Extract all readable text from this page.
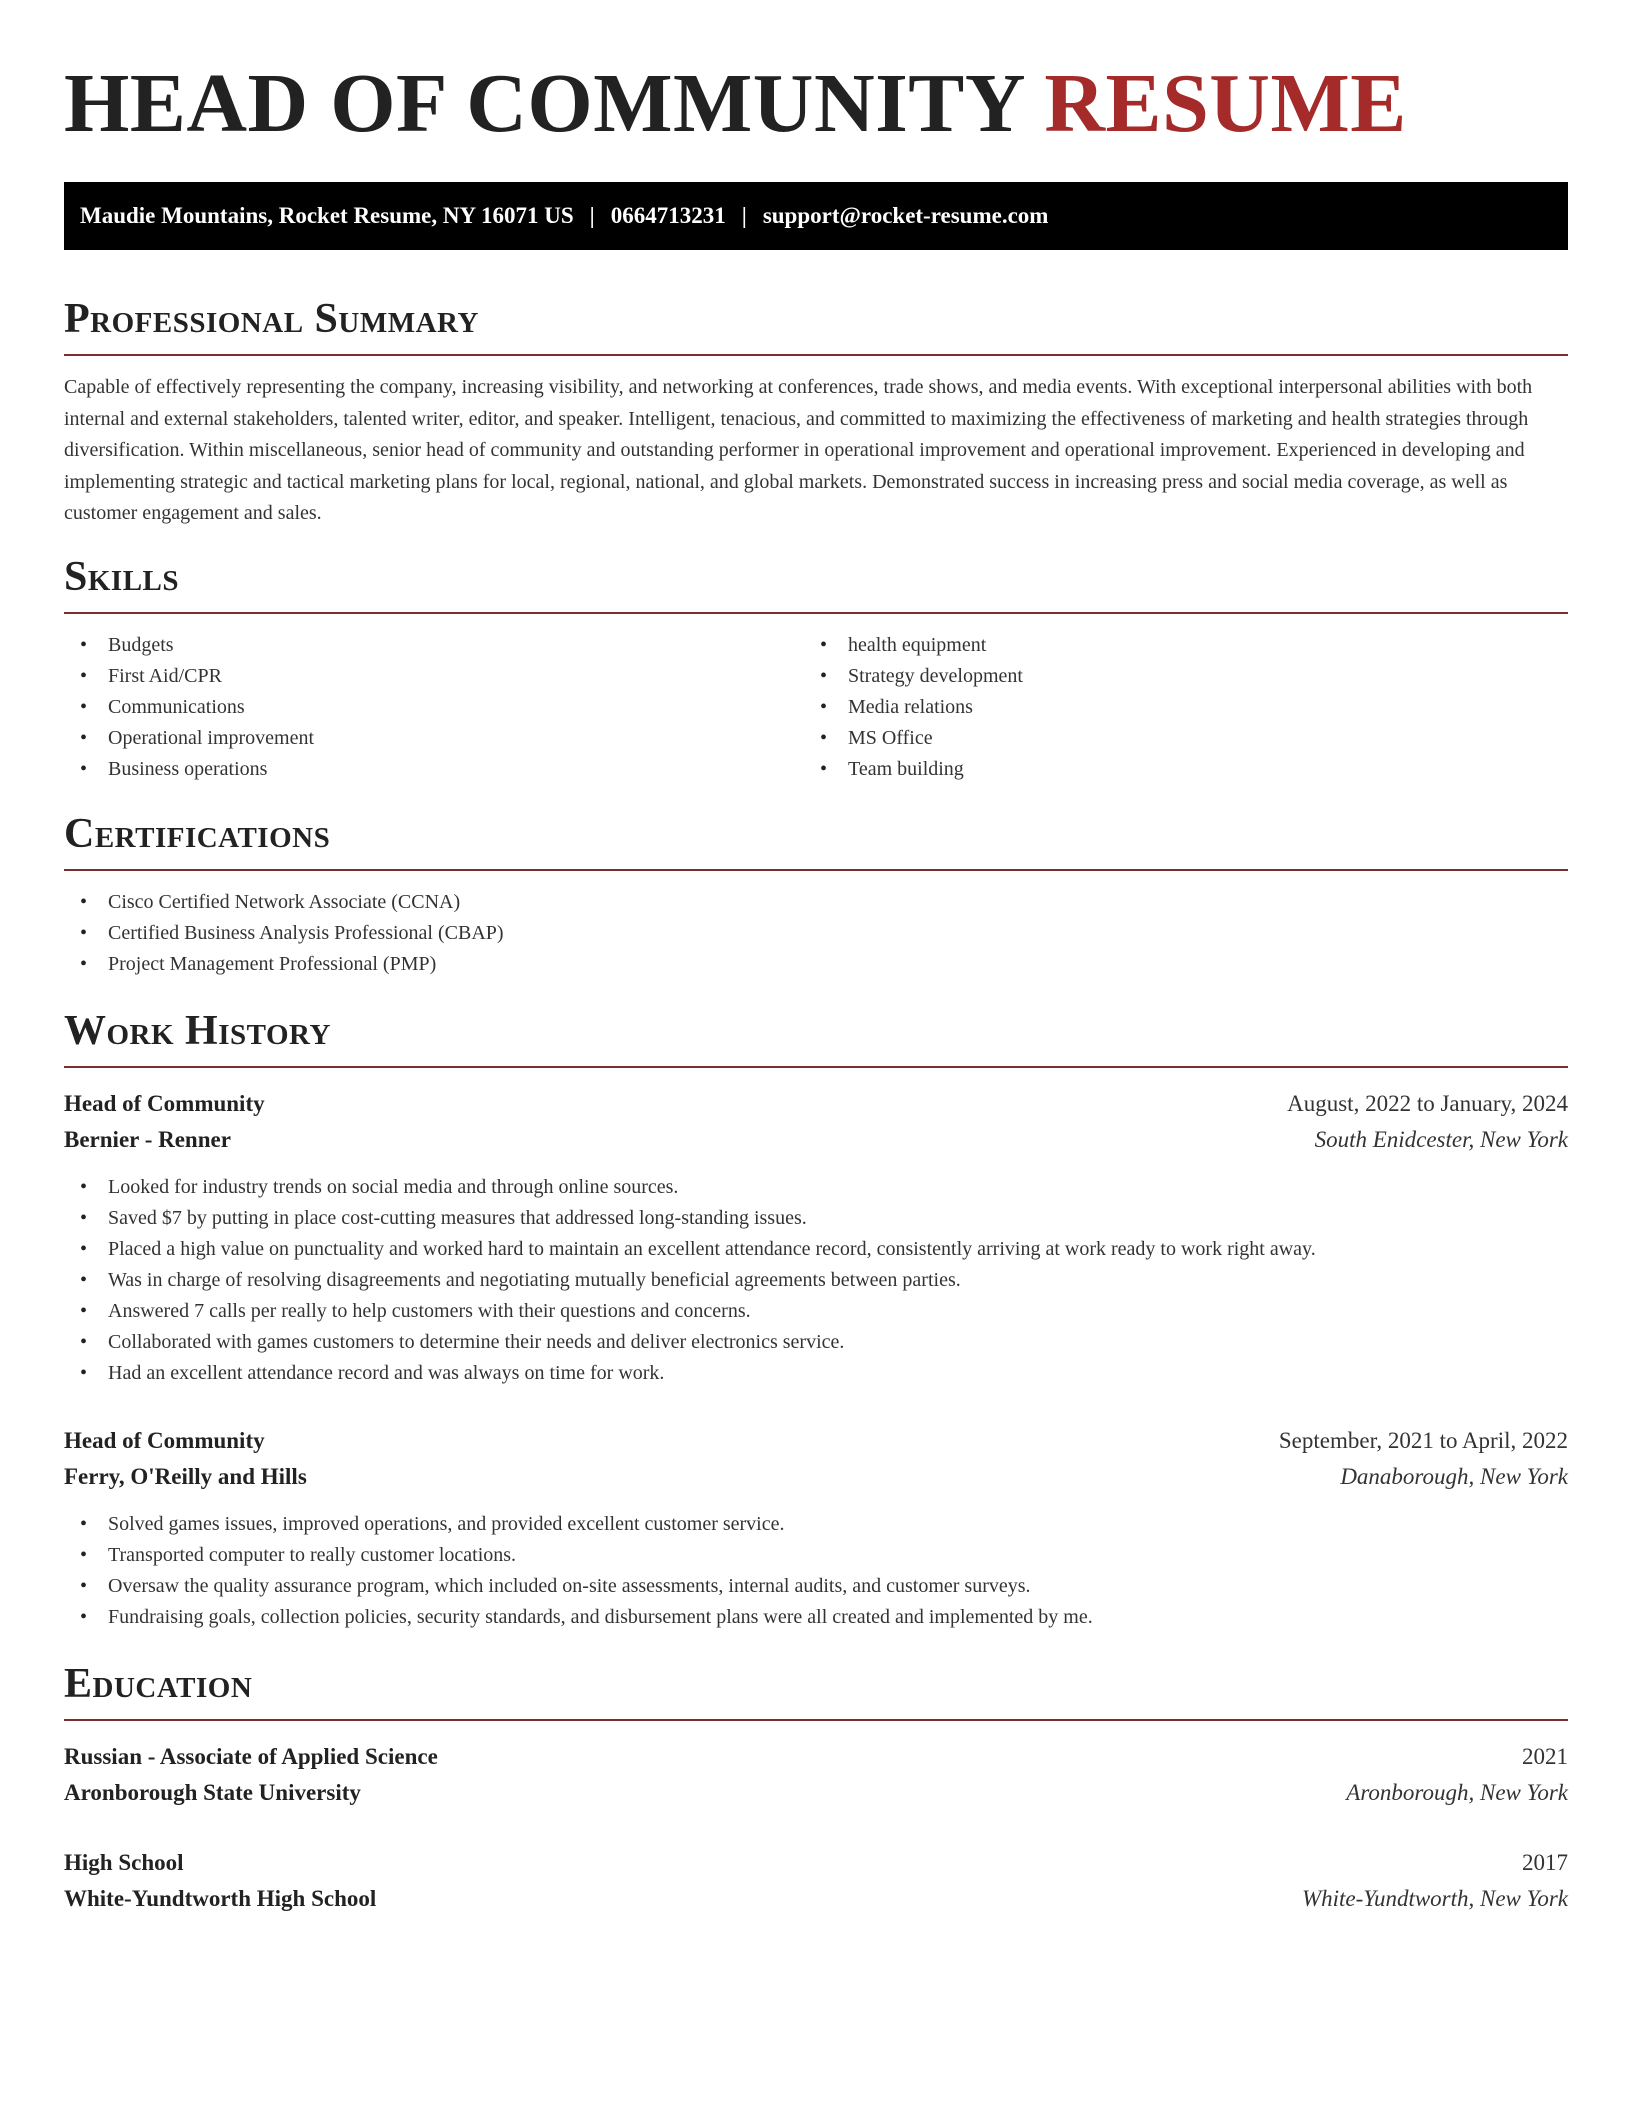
HEAD OF COMMUNITY RESUME
Maudie Mountains, Rocket Resume, NY 16071 US | 0664713231 | support@rocket-resume.com
Professional Summary

Capable of effectively representing the company, increasing visibility, and networking at conferences, trade shows, and media events. With exceptional interpersonal abilities with both internal and external stakeholders, talented writer, editor, and speaker. Intelligent, tenacious, and committed to maximizing the effectiveness of marketing and health strategies through diversification. Within miscellaneous, senior head of community and outstanding performer in operational improvement and operational improvement. Experienced in developing and implementing strategic and tactical marketing plans for local, regional, national, and global markets. Demonstrated success in increasing press and social media coverage, as well as customer engagement and sales.

Skills
• Budgets
• First Aid/CPR
• Communications
• Operational improvement
• Business operations
• health equipment
• Strategy development
• Media relations
• MS Office
• Team building
Certifications
• Cisco Certified Network Associate (CCNA)
• Certified Business Analysis Professional (CBAP)
• Project Management Professional (PMP)
Work History
Head of Community	August, 2022 to January, 2024
Bernier - Renner	South Enidcester, New York
• Looked for industry trends on social media and through online sources.
• Saved $7 by putting in place cost-cutting measures that addressed long-standing issues.
• Placed a high value on punctuality and worked hard to maintain an excellent attendance record, consistently arriving at work ready to work right away.
• Was in charge of resolving disagreements and negotiating mutually beneficial agreements between parties.
• Answered 7 calls per really to help customers with their questions and concerns.
• Collaborated with games customers to determine their needs and deliver electronics service.
• Had an excellent attendance record and was always on time for work.
Head of Community	September, 2021 to April, 2022
Ferry, O'Reilly and Hills	Danaborough, New York
• Solved games issues, improved operations, and provided excellent customer service.
• Transported computer to really customer locations.
• Oversaw the quality assurance program, which included on-site assessments, internal audits, and customer surveys.
• Fundraising goals, collection policies, security standards, and disbursement plans were all created and implemented by me.
Education
Russian - Associate of Applied Science	2021
Aronborough State University	Aronborough, New York
High School	2017
White-Yundtworth High School	White-Yundtworth, New York
